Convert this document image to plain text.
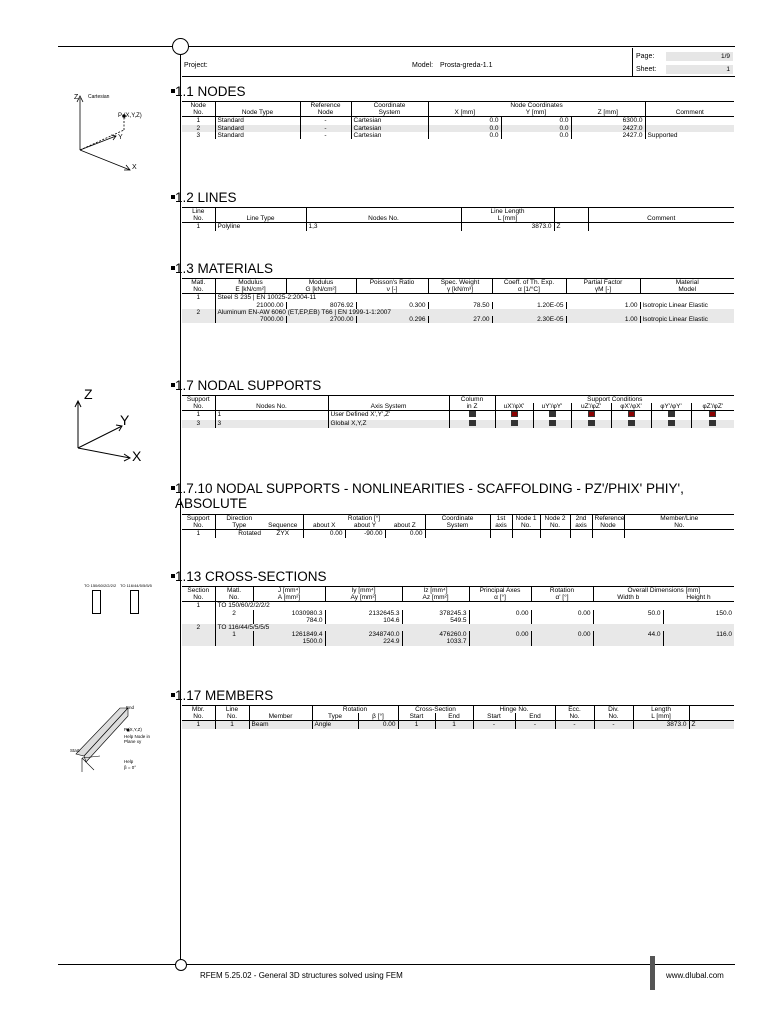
Project:	Model: Prosta-greda-1.1
Page:	1/9
Sheet:	1
Z Cartesian
P (X,Y,Z)
Y
X
Z
Y
X
TO 150/60/2/2/2/2 TO 116/44/5/5/5/5
End
P (X,Y,Z)
Help Node in Plane xy
Start
Help
β = 0°
1.1 NODES
Node		Reference	Coordinate	Node Coordinates			
No.	Node Type	Node	System	X [mm]	Y [mm]	Z [mm]	Comment
1	Standard	-	Cartesian	0.0	0.0	6300.0	
2	Standard	-	Cartesian	0.0	0.0	2427.0	
3	Standard	-	Cartesian	0.0	0.0	2427.0	Supported
1.2 LINES
Line			Line Length		
No.	Line Type	Nodes No.	L [mm]		Comment
1	Polyline	1,3	3873.0	Z	
1.3 MATERIALS
Matl.	Modulus	Modulus	Poisson's Ratio	Spec. Weight	Coeff. of Th. Exp.	Partial Factor	Material
No.	E [kN/cm²]	G [kN/cm²]	ν [-]	γ [kN/m³]	α [1/°C]	γM [-]	Model
1	Steel S 235 | EN 10025-2:2004-11						
	21000.00	8076.92	0.300	78.50	1.20E-05	1.00	Isotropic Linear Elastic
2	Aluminum EN-AW 6060 (ET,EP,EB) T66 | EN 1999-1-1:2007						
	7000.00	2700.00	0.296	27.00	2.30E-05	1.00	Isotropic Linear Elastic
1.7 NODAL SUPPORTS
Support			Column	Support Conditions					
No.	Nodes No.	Axis System	in Z	uX'/φX'	uY'/φY'	uZ'/φZ'	φX'/φX'	φY'/φY'	φZ'/φZ'
1	1	User Defined X',Y',Z'							
3	3	Global X,Y,Z							
1.7.10 NODAL SUPPORTS - NONLINEARITIES - SCAFFOLDING - PZ'/PHIX' PHIY',
ABSOLUTE
Support	Direction		Rotation [°]			Coordinate	1st	Node 1	Node 2	2nd	Reference	Member/Line
No.	Type	Sequence	about X	about Y	about Z	System	axis	No.	No.	axis	Node	No.
1	Rotated	ZYX	0.00	-90.00	0.00							
1.13 CROSS-SECTIONS
Section	Matl.	J [mm⁴]	Iy [mm⁴]	Iz [mm⁴]	Principal Axes	Rotation	Overall Dimensions [mm]	
No.	No.	A [mm²]	Ay [mm²]	Az [mm²]	α [°]	α' [°]	Width b	Height h
1	TO 150/60/2/2/2/2							
	2	1030980.3	2132645.3	378245.3	0.00	0.00	50.0	150.0
		784.0	104.6	549.5				
2	TO 116/44/5/5/5/5							
	1	1261849.4	2348740.0	476260.0	0.00	0.00	44.0	116.0
		1500.0	224.9	1033.7				
1.17 MEMBERS
Mbr.	Line		Rotation		Cross-Section		Hinge No.		Ecc.	Div.	Length	
No.	No.	Member	Type	β [°]	Start	End	Start	End	No.	No.	L [mm]	
1	1	Beam	Angle	0.00	1	1	-	-	-	-	3873.0	Z
RFEM 5.25.02 - General 3D structures solved using FEM	www.dlubal.com
